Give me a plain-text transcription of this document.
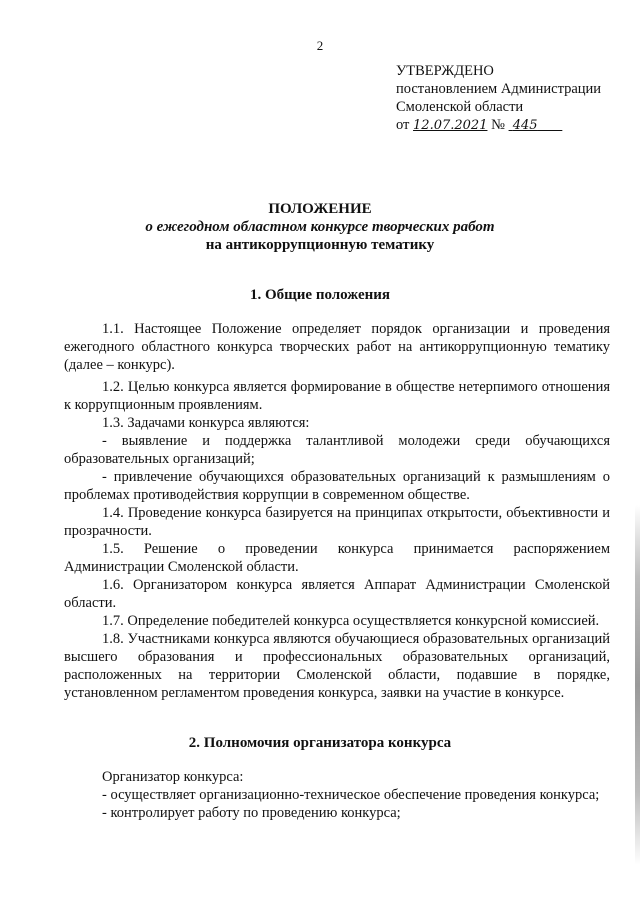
2
УТВЕРЖДЕНО
постановлением Администрации
Смоленской области
от 12.07.2021 № 445
ПОЛОЖЕНИЕ
о ежегодном областном конкурсе творческих работ
на антикоррупционную тематику
1. Общие положения

1.1. Настоящее Положение определяет порядок организации и проведения ежегодного областного конкурса творческих работ на антикоррупционную тематику (далее – конкурс).

1.2. Целью конкурса является формирование в обществе нетерпимого отношения к коррупционным проявлениям.

1.3. Задачами конкурса являются:

- выявление и поддержка талантливой молодежи среди обучающихся образовательных организаций;

- привлечение обучающихся образовательных организаций к размышлениям о проблемах противодействия коррупции в современном обществе.

1.4. Проведение конкурса базируется на принципах открытости, объективности и прозрачности.

1.5. Решение о проведении конкурса принимается распоряжением Администрации Смоленской области.

1.6. Организатором конкурса является Аппарат Администрации Смоленской области.

1.7. Определение победителей конкурса осуществляется конкурсной комиссией.

1.8. Участниками конкурса являются обучающиеся образовательных организаций высшего образования и профессиональных образовательных организаций, расположенных на территории Смоленской области, подавшие в порядке, установленном регламентом проведения конкурса, заявки на участие в конкурсе.

2. Полномочия организатора конкурса

Организатор конкурса:

- осуществляет организационно-техническое обеспечение проведения конкурса;

- контролирует работу по проведению конкурса;
